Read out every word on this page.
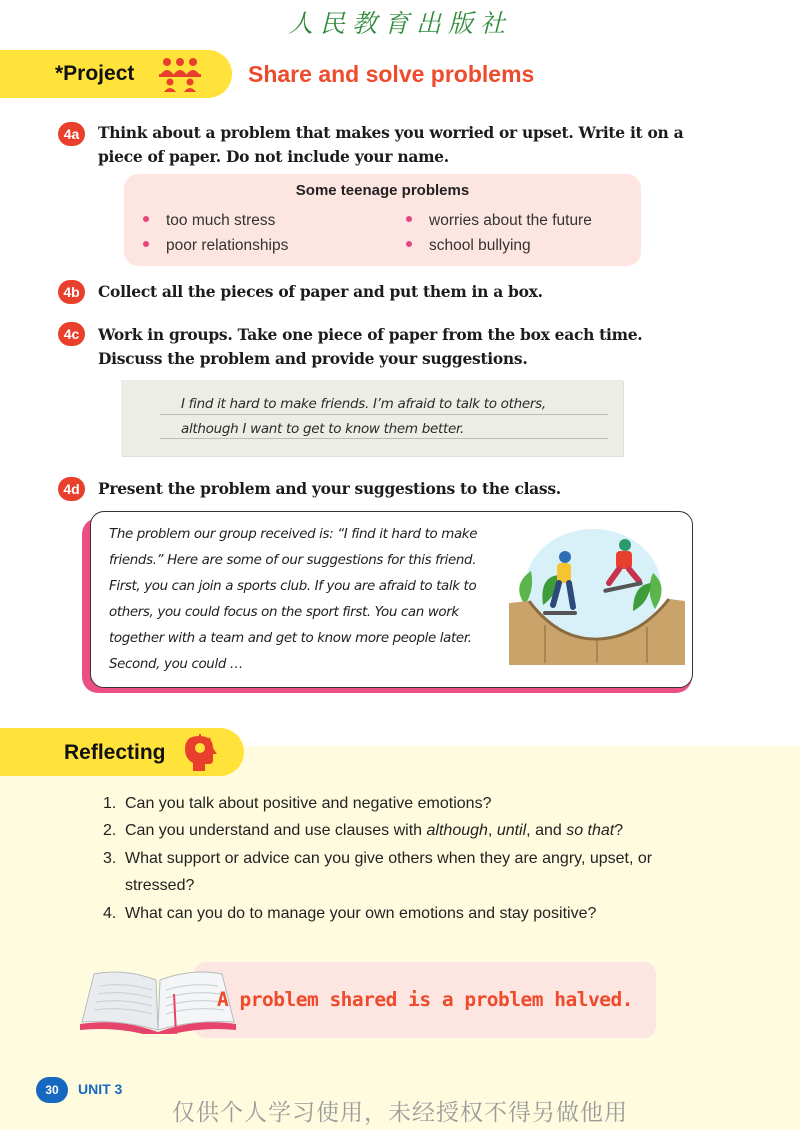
人民教育出版社
*Project	Share and solve problems
4a	Think about a problem that makes you worried or upset. Write it on a piece of paper. Do not include your name.
Some teenage problems
too much stress
poor relationships
worries about the future
school bullying
4b	Collect all the pieces of paper and put them in a box.
4c	Work in groups. Take one piece of paper from the box each time. Discuss the problem and provide your suggestions.
I find it hard to make friends. I’m afraid to talk to others,
although I want to get to know them better.
4d	Present the problem and your suggestions to the class.
The problem our group received is: “I find it hard to make
friends.” Here are some of our suggestions for this friend.
First, you can join a sports club. If you are afraid to talk to
others, you could focus on the sport first. You can work
together with a team and get to know more people later.
Second, you could …
Reflecting
1. Can you talk about positive and negative emotions?
2. Can you understand and use clauses with although, until, and so that?
3. What support or advice can you give others when they are angry, upset, or
stressed?
4. What can you do to manage your own emotions and stay positive?
A problem shared is a problem halved.
30	UNIT 3
仅供个人学习使用，未经授权不得另做他用
